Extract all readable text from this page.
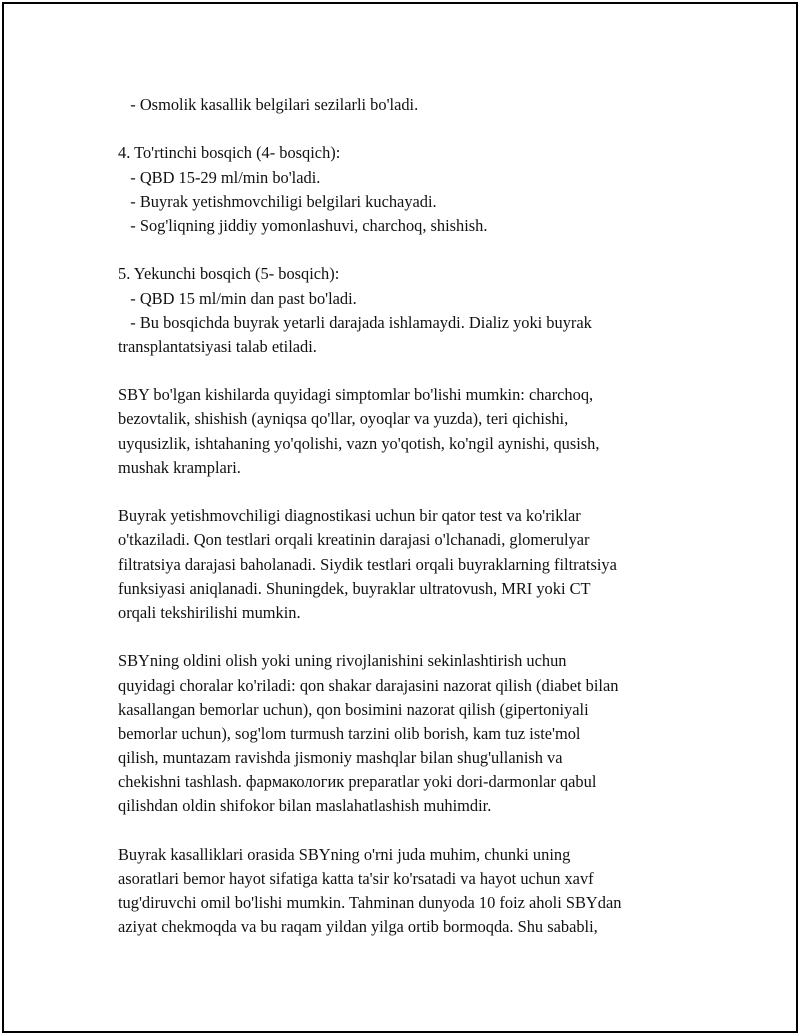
- Osmolik kasallik belgilari sezilarli bo'ladi.
4. To'rtinchi bosqich (4- bosqich):
- QBD 15-29 ml/min bo'ladi.
- Buyrak yetishmovchiligi belgilari kuchayadi.
- Sog'liqning jiddiy yomonlashuvi, charchoq, shishish.
5. Yekunchi bosqich (5- bosqich):
- QBD 15 ml/min dan past bo'ladi.
- Bu bosqichda buyrak yetarli darajada ishlamaydi. Dializ yoki buyrak
transplantatsiyasi talab etiladi.
SBY bo'lgan kishilarda quyidagi simptomlar bo'lishi mumkin: charchoq,
bezovtalik, shishish (ayniqsa qo'llar, oyoqlar va yuzda), teri qichishi,
uyqusizlik, ishtahaning yo'qolishi, vazn yo'qotish, ko'ngil aynishi, qusish,
mushak kramplari.
Buyrak yetishmovchiligi diagnostikasi uchun bir qator test va ko'riklar
o'tkaziladi. Qon testlari orqali kreatinin darajasi o'lchanadi, glomerulyar
filtratsiya darajasi baholanadi. Siydik testlari orqali buyraklarning filtratsiya
funksiyasi aniqlanadi. Shuningdek, buyraklar ultratovush, MRI yoki CT
orqali tekshirilishi mumkin.
SBYning oldini olish yoki uning rivojlanishini sekinlashtirish uchun
quyidagi choralar ko'riladi: qon shakar darajasini nazorat qilish (diabet bilan
kasallangan bemorlar uchun), qon bosimini nazorat qilish (gipertoniyali
bemorlar uchun), sog'lom turmush tarzini olib borish, kam tuz iste'mol
qilish, muntazam ravishda jismoniy mashqlar bilan shug'ullanish va
chekishni tashlash. фармакологик preparatlar yoki dori-darmonlar qabul
qilishdan oldin shifokor bilan maslahatlashish muhimdir.
Buyrak kasalliklari orasida SBYning o'rni juda muhim, chunki uning
asoratlari bemor hayot sifatiga katta ta'sir ko'rsatadi va hayot uchun xavf
tug'diruvchi omil bo'lishi mumkin. Tahminan dunyoda 10 foiz aholi SBYdan
aziyat chekmoqda va bu raqam yildan yilga ortib bormoqda. Shu sababli,
